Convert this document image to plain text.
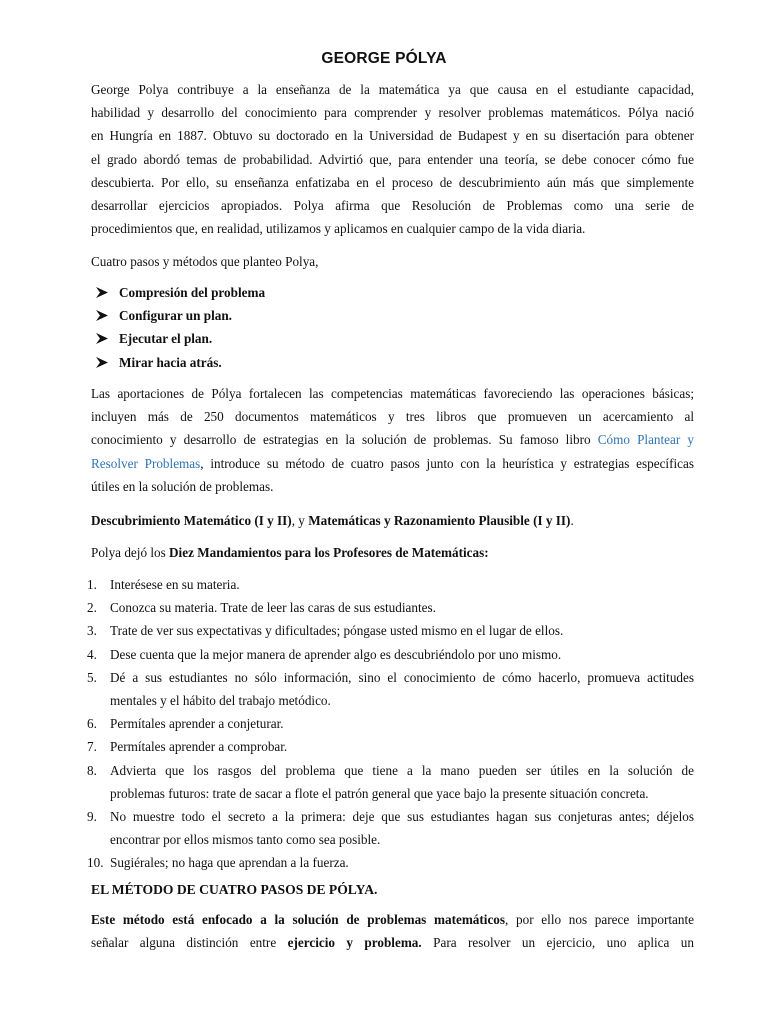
GEORGE PÓLYA
George Polya contribuye a la enseñanza de la matemática ya que causa en el estudiante capacidad,
habilidad y desarrollo del conocimiento para comprender y resolver problemas matemáticos. Pólya nació
en Hungría en 1887. Obtuvo su doctorado en la Universidad de Budapest y en su disertación para obtener
el grado abordó temas de probabilidad. Advirtió que, para entender una teoría, se debe conocer cómo fue
descubierta. Por ello, su enseñanza enfatizaba en el proceso de descubrimiento aún más que simplemente
desarrollar ejercicios apropiados. Polya afirma que Resolución de Problemas como una serie de
procedimientos que, en realidad, utilizamos y aplicamos en cualquier campo de la vida diaria.
Cuatro pasos y métodos que planteo Polya,
Compresión del problema
Configurar un plan.
Ejecutar el plan.
Mirar hacia atrás.
Las aportaciones de Pólya fortalecen las competencias matemáticas favoreciendo las operaciones básicas;
incluyen más de 250 documentos matemáticos y tres libros que promueven un acercamiento al
conocimiento y desarrollo de estrategias en la solución de problemas. Su famoso libro Cómo Plantear y
Resolver Problemas, introduce su método de cuatro pasos junto con la heurística y estrategias específicas
útiles en la solución de problemas.
Descubrimiento Matemático (I y II), y Matemáticas y Razonamiento Plausible (I y II).
Polya dejó los Diez Mandamientos para los Profesores de Matemáticas:
1. Interésese en su materia.
2. Conozca su materia. Trate de leer las caras de sus estudiantes.
3. Trate de ver sus expectativas y dificultades; póngase usted mismo en el lugar de ellos.
4. Dese cuenta que la mejor manera de aprender algo es descubriéndolo por uno mismo.
5. Dé a sus estudiantes no sólo información, sino el conocimiento de cómo hacerlo, promueva actitudes
mentales y el hábito del trabajo metódico.
6. Permítales aprender a conjeturar.
7. Permítales aprender a comprobar.
8. Advierta que los rasgos del problema que tiene a la mano pueden ser útiles en la solución de
problemas futuros: trate de sacar a flote el patrón general que yace bajo la presente situación concreta.
9. No muestre todo el secreto a la primera: deje que sus estudiantes hagan sus conjeturas antes; déjelos
encontrar por ellos mismos tanto como sea posible.
10. Sugiérales; no haga que aprendan a la fuerza.
EL MÉTODO DE CUATRO PASOS DE PÓLYA.
Este método está enfocado a la solución de problemas matemáticos, por ello nos parece importante
señalar alguna distinción entre ejercicio y problema. Para resolver un ejercicio, uno aplica un
